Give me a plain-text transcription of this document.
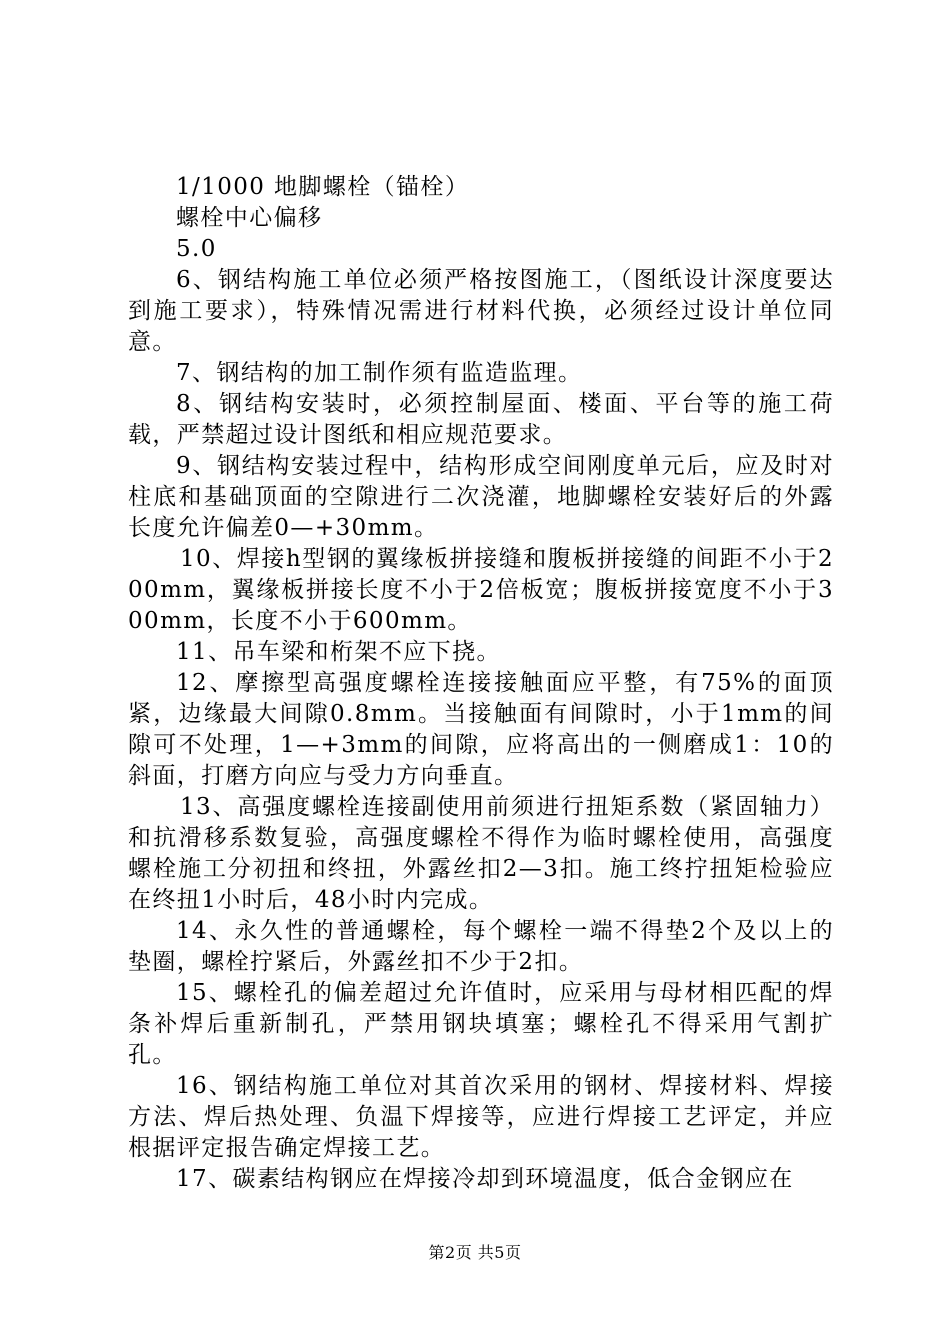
1/1000 地脚螺栓（锚栓）

螺栓中心偏移

5.0

6、钢结构施工单位必须严格按图施工，（图纸设计深度要达到施工要求），特殊情况需进行材料代换，必须经过设计单位同意。

7、钢结构的加工制作须有监造监理。

8、钢结构安装时，必须控制屋面、楼面、平台等的施工荷载，严禁超过设计图纸和相应规范要求。

9、钢结构安装过程中，结构形成空间刚度单元后，应及时对柱底和基础顶面的空隙进行二次浇灌，地脚螺栓安装好后的外露长度允许偏差0—+30mm。

10、焊接h型钢的翼缘板拼接缝和腹板拼接缝的间距不小于200mm，翼缘板拼接长度不小于2倍板宽；腹板拼接宽度不小于300mm，长度不小于600mm。

11、吊车梁和桁架不应下挠。

12、摩擦型高强度螺栓连接接触面应平整，有75%的面顶紧，边缘最大间隙0.8mm。当接触面有间隙时，小于1mm的间隙可不处理，1—+3mm的间隙，应将高出的一侧磨成1：10的斜面，打磨方向应与受力方向垂直。

13、高强度螺栓连接副使用前须进行扭矩系数（紧固轴力）和抗滑移系数复验，高强度螺栓不得作为临时螺栓使用，高强度螺栓施工分初扭和终扭，外露丝扣2—3扣。施工终拧扭矩检验应在终扭1小时后，48小时内完成。

14、永久性的普通螺栓，每个螺栓一端不得垫2个及以上的垫圈，螺栓拧紧后，外露丝扣不少于2扣。

15、螺栓孔的偏差超过允许值时，应采用与母材相匹配的焊条补焊后重新制孔，严禁用钢块填塞；螺栓孔不得采用气割扩孔。

16、钢结构施工单位对其首次采用的钢材、焊接材料、焊接方法、焊后热处理、负温下焊接等，应进行焊接工艺评定，并应根据评定报告确定焊接工艺。

17、碳素结构钢应在焊接冷却到环境温度，低合金钢应在

第2页 共5页
